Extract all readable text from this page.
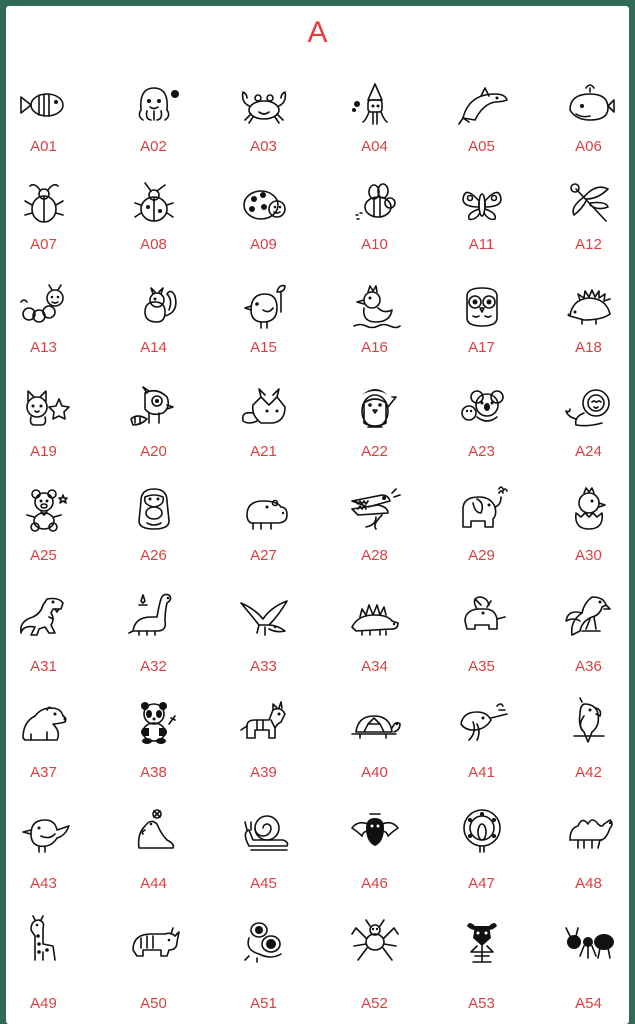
A
A01	A02	A03	A04	A05	A06
A07	A08	A09	A10	A11	A12
A13	A14	A15	A16	A17	A18
A19	A20	A21	A22	A23	A24
A25	A26	A27	A28	A29	A30
A31	A32	A33	A34	A35	A36
A37	A38	A39	A40	A41	A42
A43	A44	A45	A46	A47	A48
A49	A50	A51	A52	A53	A54
